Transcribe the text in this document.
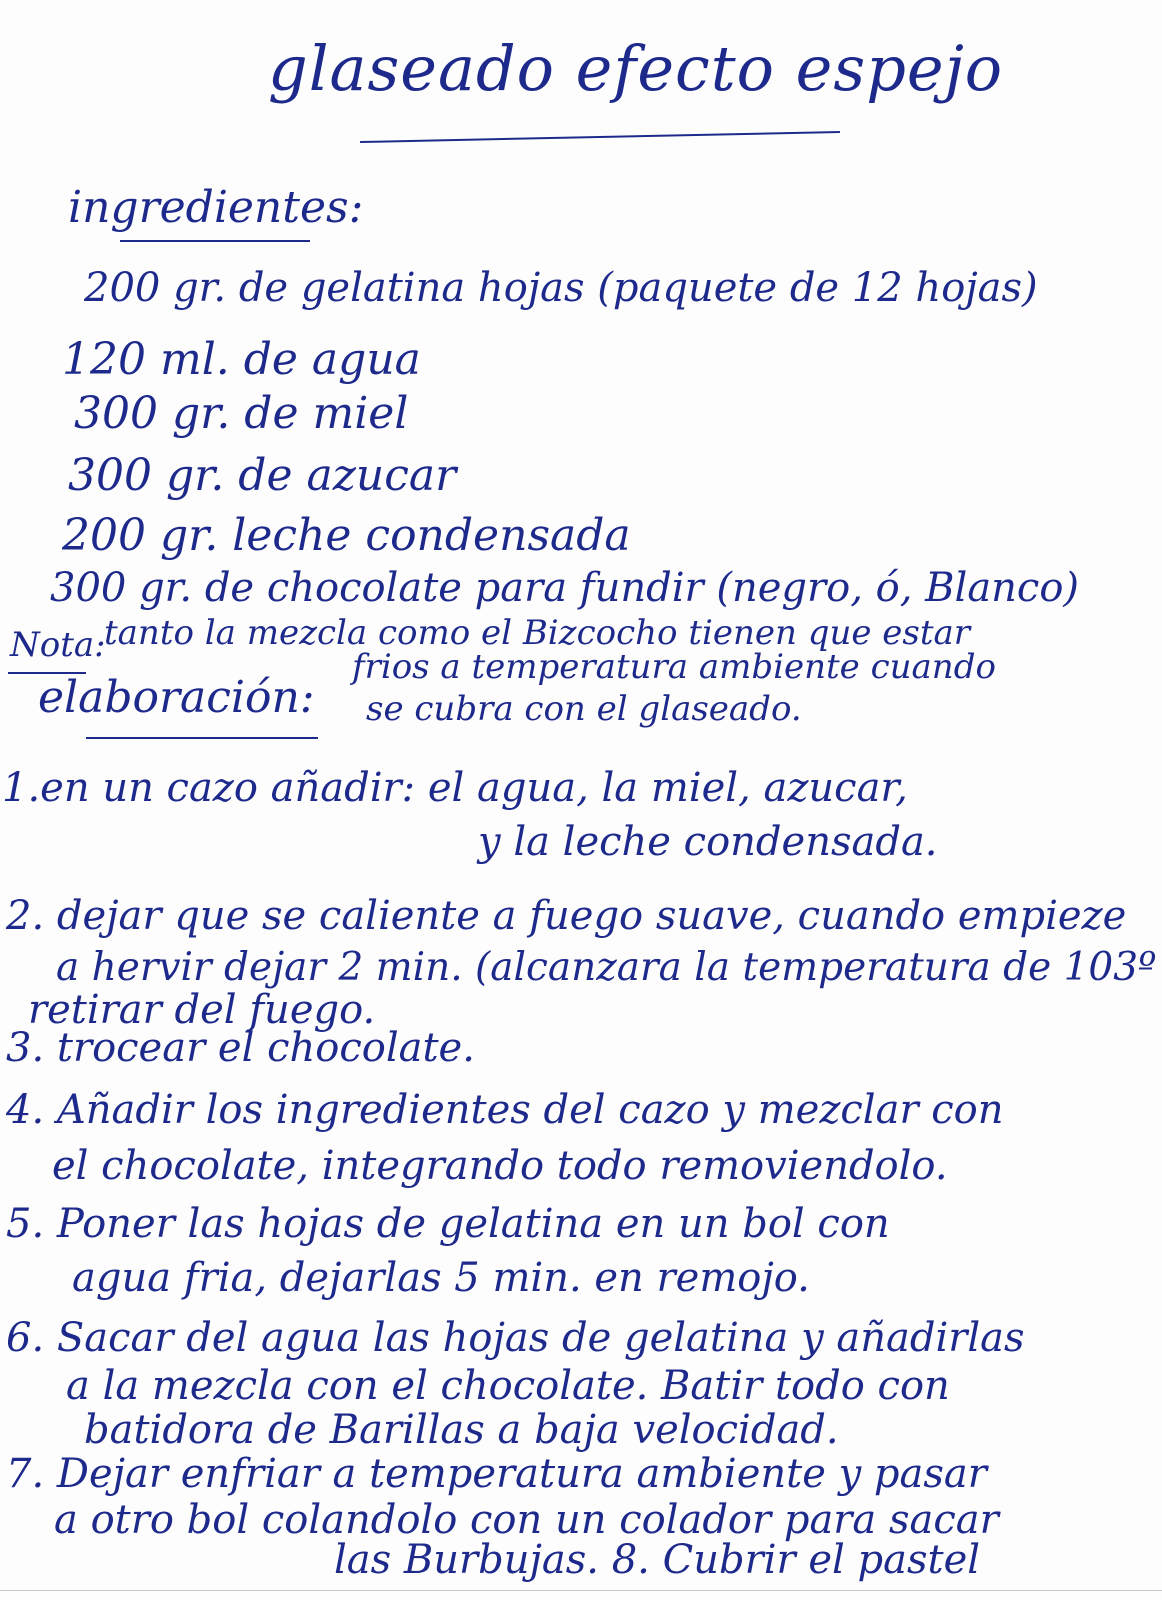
glaseado efecto espejo
ingredientes:
200 gr. de gelatina hojas (paquete de 12 hojas)
120 ml. de agua
300 gr. de miel
300 gr. de azucar
200 gr. leche condensada
300 gr. de chocolate para fundir (negro, ó, Blanco)
Nota:
tanto la mezcla como el Bizcocho tienen que estar
frios a temperatura ambiente cuando
se cubra con el glaseado.
elaboración:
1.en un cazo añadir: el agua, la miel, azucar,
y la leche condensada.
2. dejar que se caliente a fuego suave, cuando empieze
a hervir dejar 2 min. (alcanzara la temperatura de 103º
retirar del fuego.
3. trocear el chocolate.
4. Añadir los ingredientes del cazo y mezclar con
el chocolate, integrando todo removiendolo.
5. Poner las hojas de gelatina en un bol con
agua fria, dejarlas 5 min. en remojo.
6. Sacar del agua las hojas de gelatina y añadirlas
a la mezcla con el chocolate. Batir todo con
batidora de Barillas a baja velocidad.
7. Dejar enfriar a temperatura ambiente y pasar
a otro bol colandolo con un colador para sacar
las Burbujas. 8. Cubrir el pastel
